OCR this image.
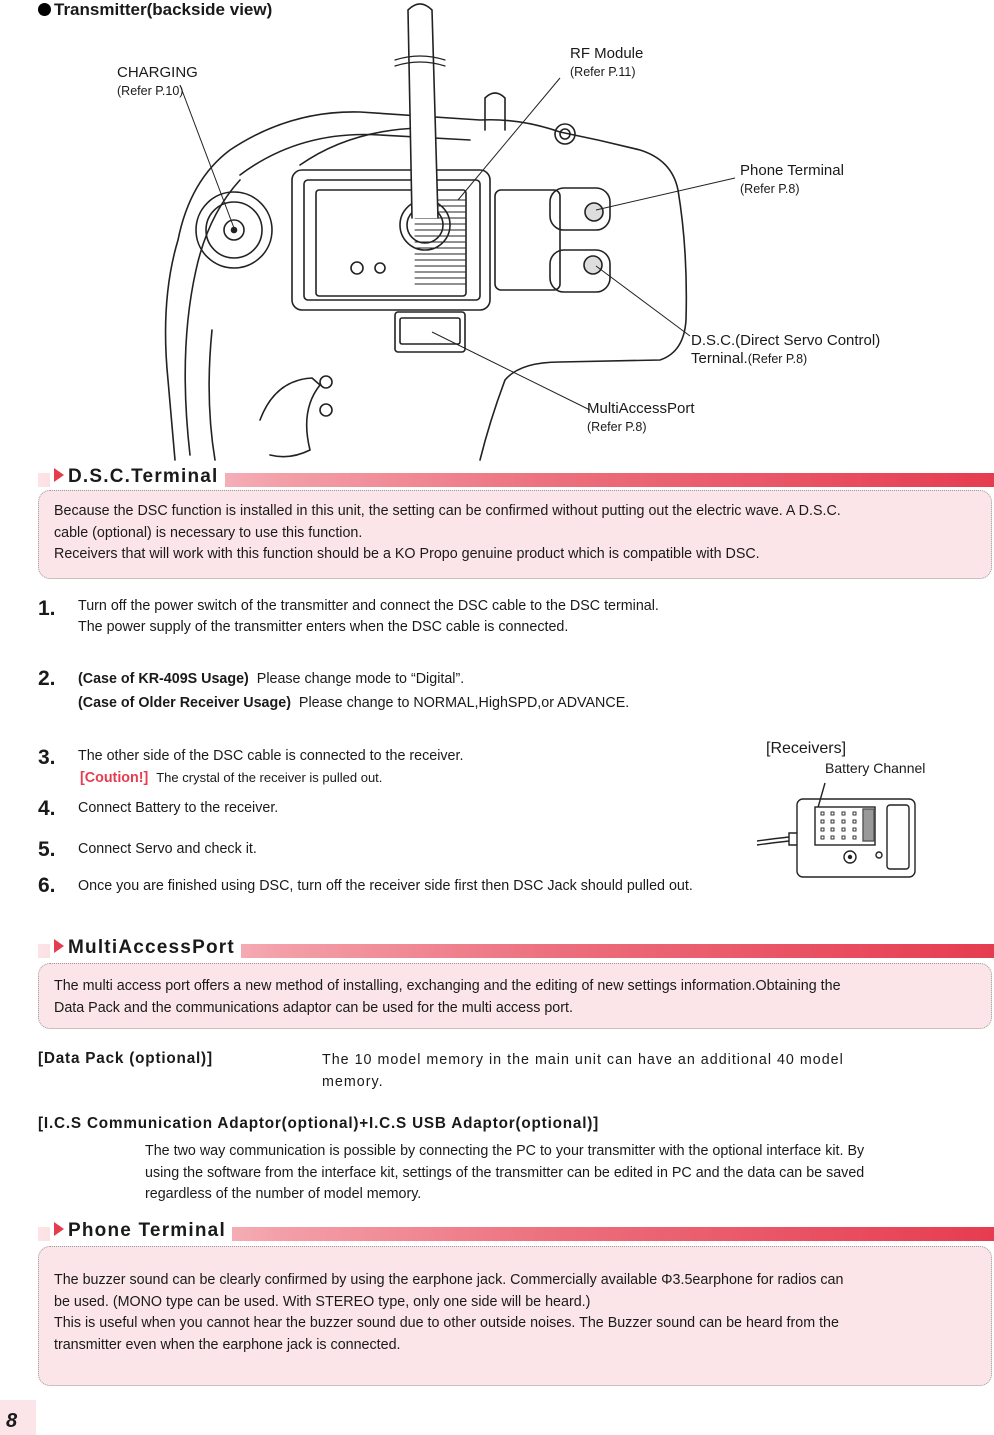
Transmitter(backside view)
CHARGING
(Refer P.10)
RF Module
(Refer P.11)
Phone Terminal
(Refer P.8)
D.S.C.(Direct Servo Control)
Terninal.(Refer P.8)
MultiAccessPort
(Refer P.8)
D.S.C.Terminal
Because the DSC function is installed in this unit, the setting can be confirmed without putting out the electric wave. A D.S.C.
cable (optional) is necessary to use this function.
Receivers that will work with this function should be a KO Propo genuine product which is compatible with DSC.
1. Turn off the power switch of the transmitter and connect the DSC cable to the DSC terminal.
The power supply of the transmitter enters when the DSC cable is connected.
2. (Case of KR-409S Usage) Please change mode to “Digital”.
(Case of Older Receiver Usage) Please change to NORMAL,HighSPD,or ADVANCE.
3. The other side of the DSC cable is connected to the receiver.
[Coution!] The crystal of the receiver is pulled out.
4. Connect Battery to the receiver.
5. Connect Servo and check it.
6. Once you are finished using DSC, turn off the receiver side first then DSC Jack should pulled out.
[Receivers]
Battery Channel
MultiAccessPort
The multi access port offers a new method of installing, exchanging and the editing of new settings information.Obtaining the
Data Pack and the communications adaptor can be used for the multi access port.
[Data Pack (optional)]	The 10 model memory in the main unit can have an additional 40 model
memory.
[I.C.S Communication Adaptor(optional)+I.C.S USB Adaptor(optional)]
The two way communication is possible by connecting the PC to your transmitter with the optional interface kit. By
using the software from the interface kit, settings of the transmitter can be edited in PC and the data can be saved
regardless of the number of model memory.
Phone Terminal
The buzzer sound can be clearly confirmed by using the earphone jack. Commercially available Φ3.5earphone for radios can
be used. (MONO type can be used. With STEREO type, only one side will be heard.)
This is useful when you cannot hear the buzzer sound due to other outside noises. The Buzzer sound can be heard from the
transmitter even when the earphone jack is connected.
8
